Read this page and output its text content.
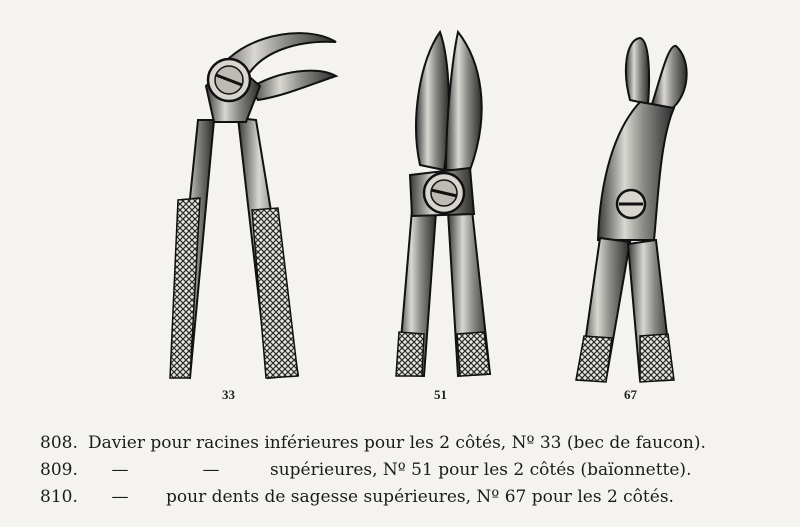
33	51	67
808. Davier pour racines inférieures pour les 2 côtés, Nº 33 (bec de faucon).
809. —	—	supérieures, Nº 51 pour les 2 côtés (baïonnette).
810. — pour dents de sagesse supérieures, Nº 67 pour les 2 côtés.
